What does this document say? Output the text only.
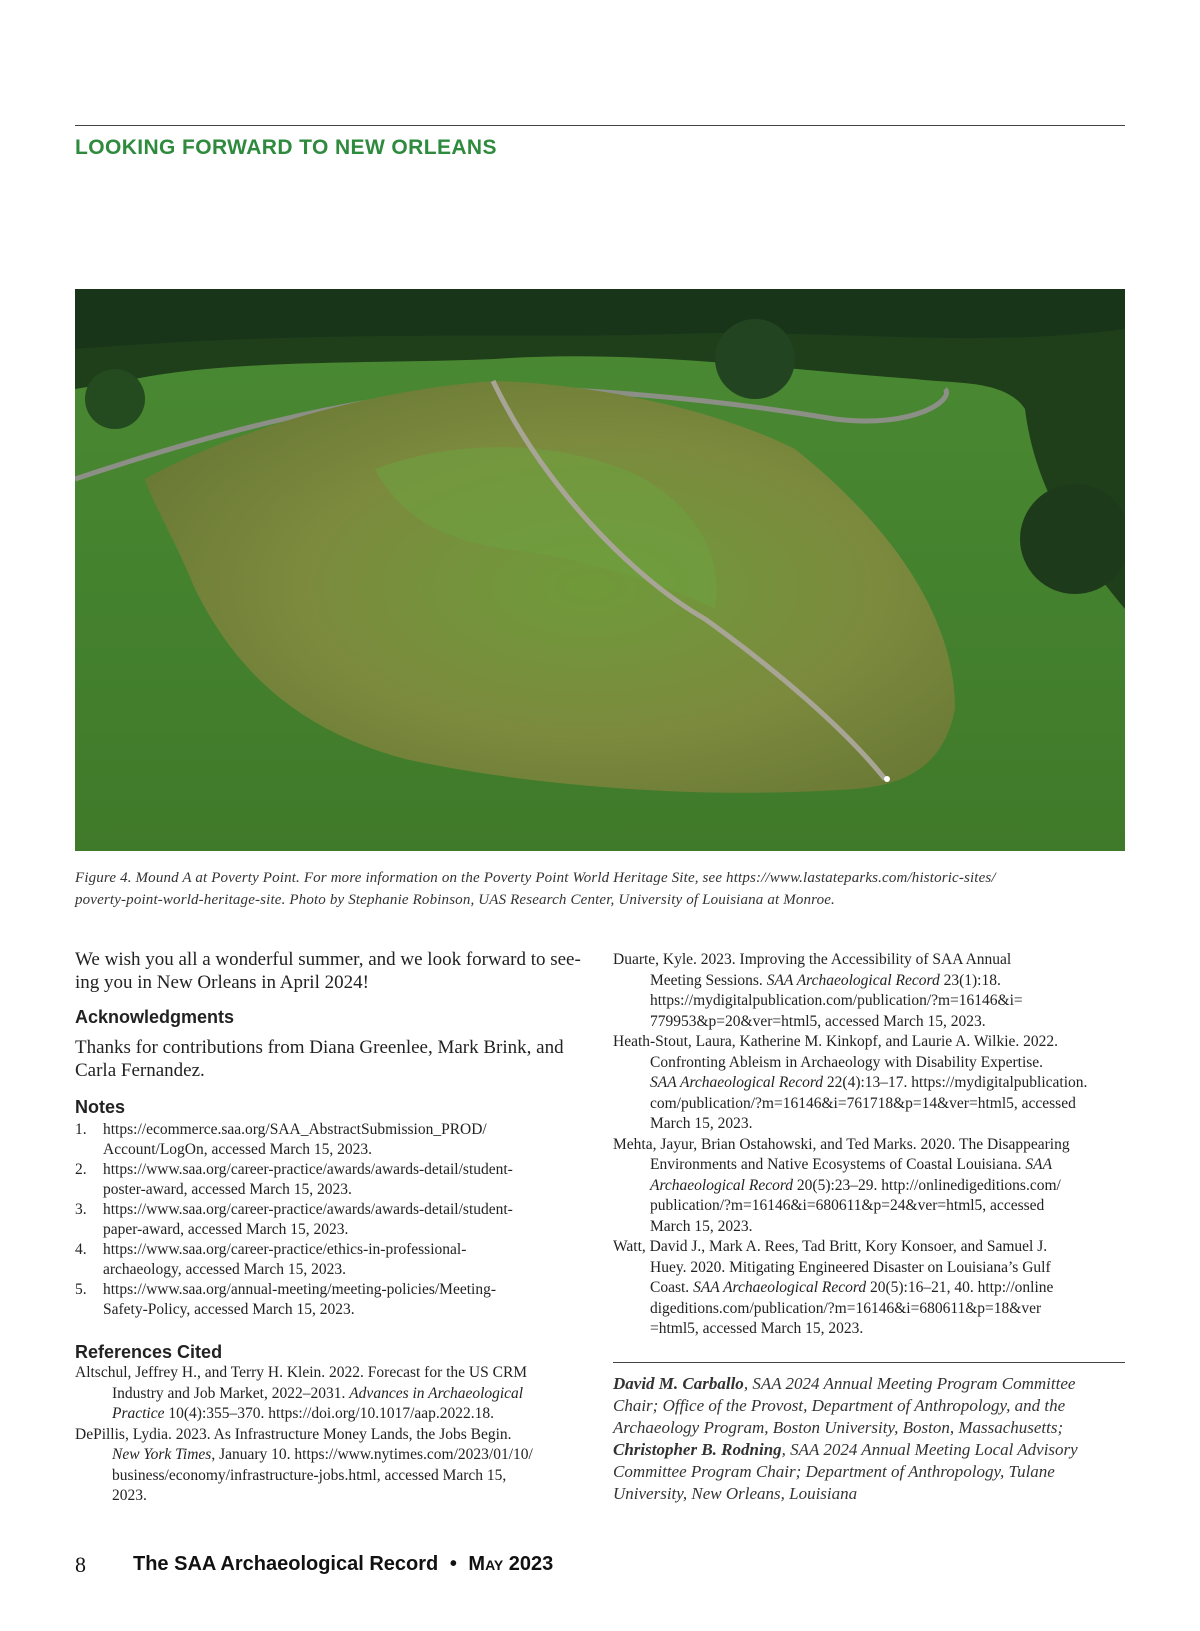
LOOKING FORWARD TO NEW ORLEANS
Figure 4. Mound A at Poverty Point. For more information on the Poverty Point World Heritage Site, see https://www.lastateparks.com/historic-sites/
poverty-point-world-heritage-site. Photo by Stephanie Robinson, UAS Research Center, University of Louisiana at Monroe.
We wish you all a wonderful summer, and we look forward to see-
ing you in New Orleans in April 2024!
Acknowledgments
Thanks for contributions from Diana Greenlee, Mark Brink, and
Carla Fernandez.
Notes
1. https://ecommerce.saa.org/SAA_AbstractSubmission_PROD/
Account/LogOn, accessed March 15, 2023.
2. https://www.saa.org/career-practice/awards/awards-detail/student-
poster-award, accessed March 15, 2023.
3. https://www.saa.org/career-practice/awards/awards-detail/student-
paper-award, accessed March 15, 2023.
4. https://www.saa.org/career-practice/ethics-in-professional-
archaeology, accessed March 15, 2023.
5. https://www.saa.org/annual-meeting/meeting-policies/Meeting-
Safety-Policy, accessed March 15, 2023.
References Cited
Altschul, Jeffrey H., and Terry H. Klein. 2022. Forecast for the US CRM
Industry and Job Market, 2022–2031. Advances in Archaeological
Practice 10(4):355–370. https://doi.org/10.1017/aap.2022.18.
DePillis, Lydia. 2023. As Infrastructure Money Lands, the Jobs Begin.
New York Times, January 10. https://www.nytimes.com/2023/01/10/
business/economy/infrastructure-jobs.html, accessed March 15,
2023.
Duarte, Kyle. 2023. Improving the Accessibility of SAA Annual
Meeting Sessions. SAA Archaeological Record 23(1):18.
https://mydigitalpublication.com/publication/?m=16146&i=
779953&p=20&ver=html5, accessed March 15, 2023.
Heath-Stout, Laura, Katherine M. Kinkopf, and Laurie A. Wilkie. 2022.
Confronting Ableism in Archaeology with Disability Expertise.
SAA Archaeological Record 22(4):13–17. https://mydigitalpublication.
com/publication/?m=16146&i=761718&p=14&ver=html5, accessed
March 15, 2023.
Mehta, Jayur, Brian Ostahowski, and Ted Marks. 2020. The Disappearing
Environments and Native Ecosystems of Coastal Louisiana. SAA
Archaeological Record 20(5):23–29. http://onlinedigeditions.com/
publication/?m=16146&i=680611&p=24&ver=html5, accessed
March 15, 2023.
Watt, David J., Mark A. Rees, Tad Britt, Kory Konsoer, and Samuel J.
Huey. 2020. Mitigating Engineered Disaster on Louisiana’s Gulf
Coast. SAA Archaeological Record 20(5):16–21, 40. http://online
digeditions.com/publication/?m=16146&i=680611&p=18&ver
=html5, accessed March 15, 2023.
David M. Carballo, SAA 2024 Annual Meeting Program Committee
Chair; Office of the Provost, Department of Anthropology, and the
Archaeology Program, Boston University, Boston, Massachusetts;
Christopher B. Rodning, SAA 2024 Annual Meeting Local Advisory
Committee Program Chair; Department of Anthropology, Tulane
University, New Orleans, Louisiana
8 The SAA Archaeological Record • May 2023
